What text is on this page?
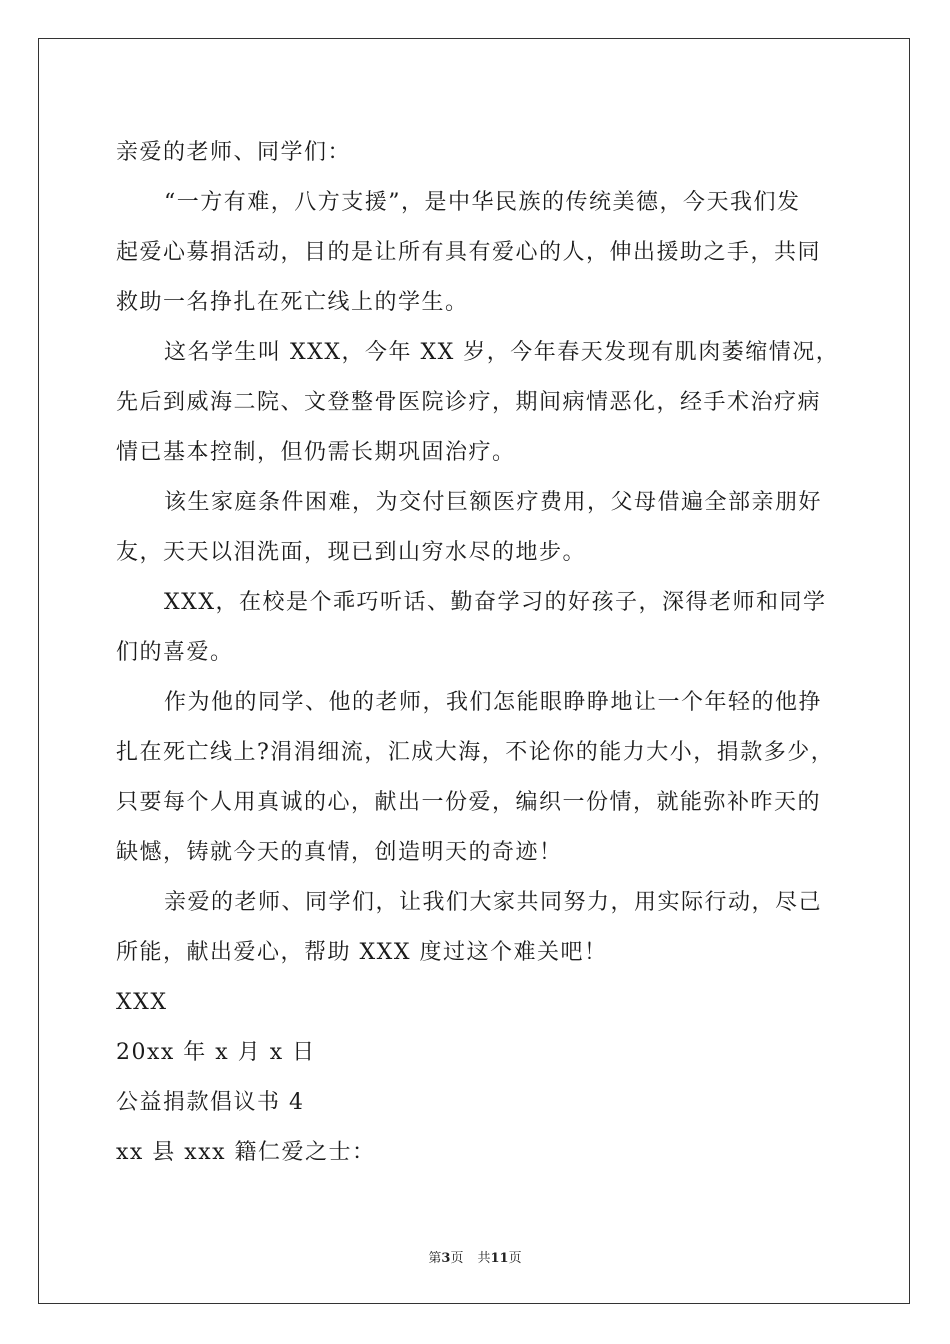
亲爱的老师、同学们：
“一方有难，八方支援”，是中华民族的传统美德，今天我们发
起爱心募捐活动，目的是让所有具有爱心的人，伸出援助之手，共同
救助一名挣扎在死亡线上的学生。
这名学生叫 XXX，今年 XX 岁，今年春天发现有肌肉萎缩情况，
先后到威海二院、文登整骨医院诊疗，期间病情恶化，经手术治疗病
情已基本控制，但仍需长期巩固治疗。
该生家庭条件困难，为交付巨额医疗费用，父母借遍全部亲朋好
友，天天以泪洗面，现已到山穷水尽的地步。
XXX，在校是个乖巧听话、勤奋学习的好孩子，深得老师和同学
们的喜爱。
作为他的同学、他的老师，我们怎能眼睁睁地让一个年轻的他挣
扎在死亡线上?涓涓细流，汇成大海，不论你的能力大小，捐款多少，
只要每个人用真诚的心，献出一份爱，编织一份情，就能弥补昨天的
缺憾，铸就今天的真情，创造明天的奇迹！
亲爱的老师、同学们，让我们大家共同努力，用实际行动，尽己
所能，献出爱心，帮助 XXX 度过这个难关吧！
XXX
20xx 年 x 月 x 日
公益捐款倡议书 4
xx 县 xxx 籍仁爱之士：
第3页 共11页
